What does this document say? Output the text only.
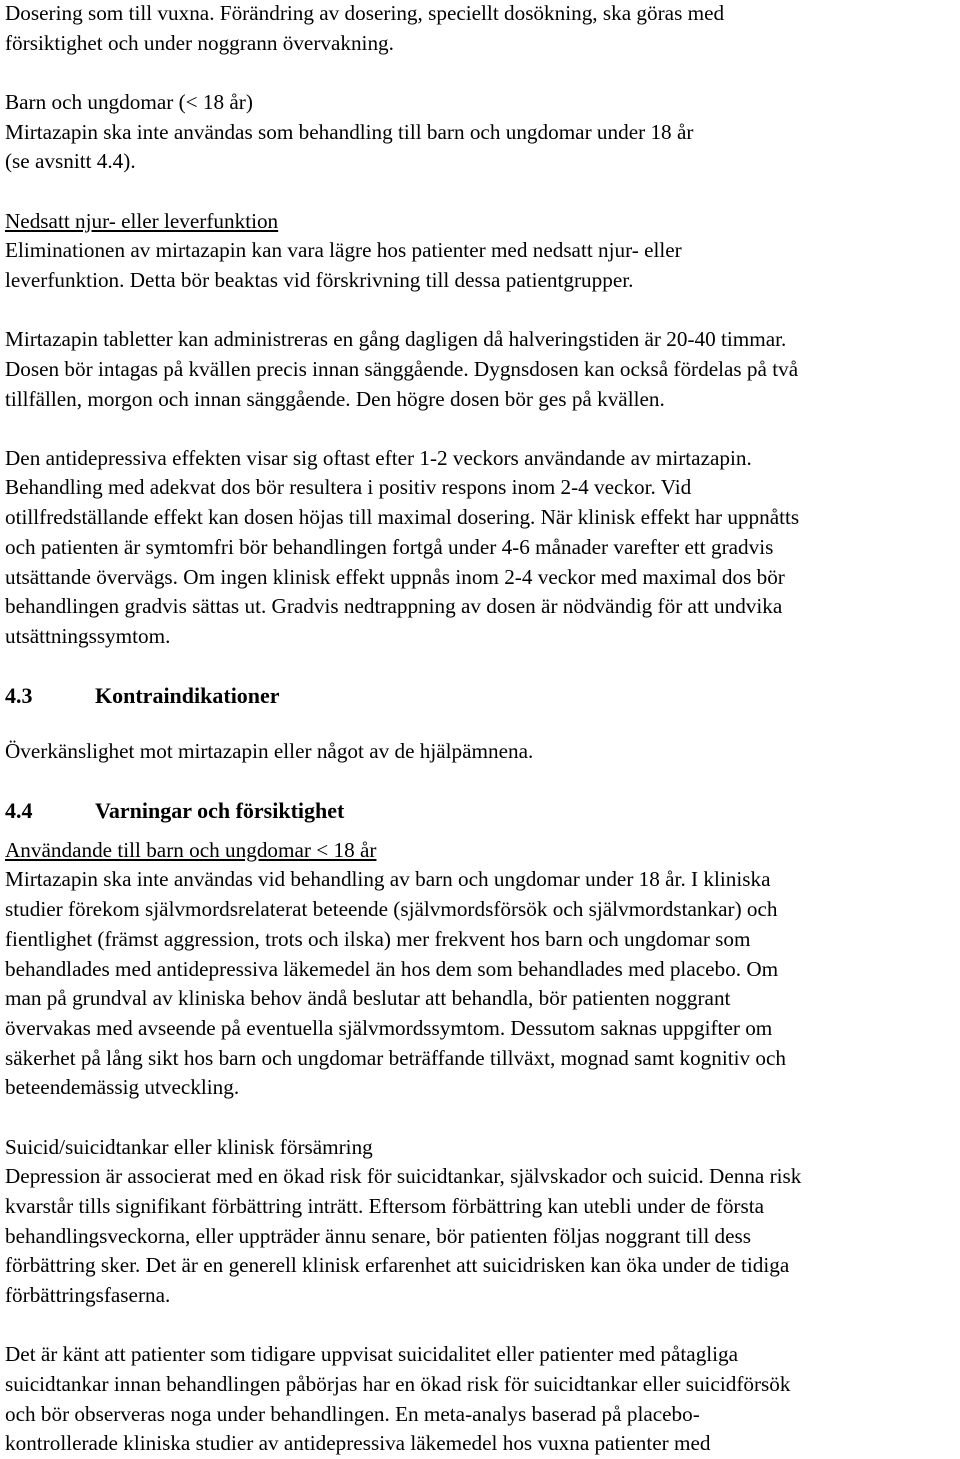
Dosering som till vuxna. Förändring av dosering, speciellt dosökning, ska göras med
försiktighet och under noggrann övervakning.

Barn och ungdomar (< 18 år)
Mirtazapin ska inte användas som behandling till barn och ungdomar under 18 år
(se avsnitt 4.4).

Nedsatt njur- eller leverfunktion
Eliminationen av mirtazapin kan vara lägre hos patienter med nedsatt njur- eller
leverfunktion. Detta bör beaktas vid förskrivning till dessa patientgrupper.

Mirtazapin tabletter kan administreras en gång dagligen då halveringstiden är 20-40 timmar.
Dosen bör intagas på kvällen precis innan sänggående. Dygnsdosen kan också fördelas på två
tillfällen, morgon och innan sänggående. Den högre dosen bör ges på kvällen.

Den antidepressiva effekten visar sig oftast efter 1-2 veckors användande av mirtazapin.
Behandling med adekvat dos bör resultera i positiv respons inom 2-4 veckor. Vid
otillfredställande effekt kan dosen höjas till maximal dosering. När klinisk effekt har uppnåtts
och patienten är symtomfri bör behandlingen fortgå under 4-6 månader varefter ett gradvis
utsättande övervägs. Om ingen klinisk effekt uppnås inom 2-4 veckor med maximal dos bör
behandlingen gradvis sättas ut. Gradvis nedtrappning av dosen är nödvändig för att undvika
utsättningssymtom.

4.3	Kontraindikationer

Överkänslighet mot mirtazapin eller något av de hjälpämnena.

4.4	Varningar och försiktighet

Användande till barn och ungdomar < 18 år
Mirtazapin ska inte användas vid behandling av barn och ungdomar under 18 år. I kliniska
studier förekom självmordsrelaterat beteende (självmordsförsök och självmordstankar) och
fientlighet (främst aggression, trots och ilska) mer frekvent hos barn och ungdomar som
behandlades med antidepressiva läkemedel än hos dem som behandlades med placebo. Om
man på grundval av kliniska behov ändå beslutar att behandla, bör patienten noggrant
övervakas med avseende på eventuella självmordssymtom. Dessutom saknas uppgifter om
säkerhet på lång sikt hos barn och ungdomar beträffande tillväxt, mognad samt kognitiv och
beteendemässig utveckling.

Suicid/suicidtankar eller klinisk försämring
Depression är associerat med en ökad risk för suicidtankar, självskador och suicid. Denna risk
kvarstår tills signifikant förbättring inträtt. Eftersom förbättring kan utebli under de första
behandlingsveckorna, eller uppträder ännu senare, bör patienten följas noggrant till dess
förbättring sker. Det är en generell klinisk erfarenhet att suicidrisken kan öka under de tidiga
förbättringsfaserna.

Det är känt att patienter som tidigare uppvisat suicidalitet eller patienter med påtagliga
suicidtankar innan behandlingen påbörjas har en ökad risk för suicidtankar eller suicidförsök
och bör observeras noga under behandlingen. En meta-analys baserad på placebo-
kontrollerade kliniska studier av antidepressiva läkemedel hos vuxna patienter med
